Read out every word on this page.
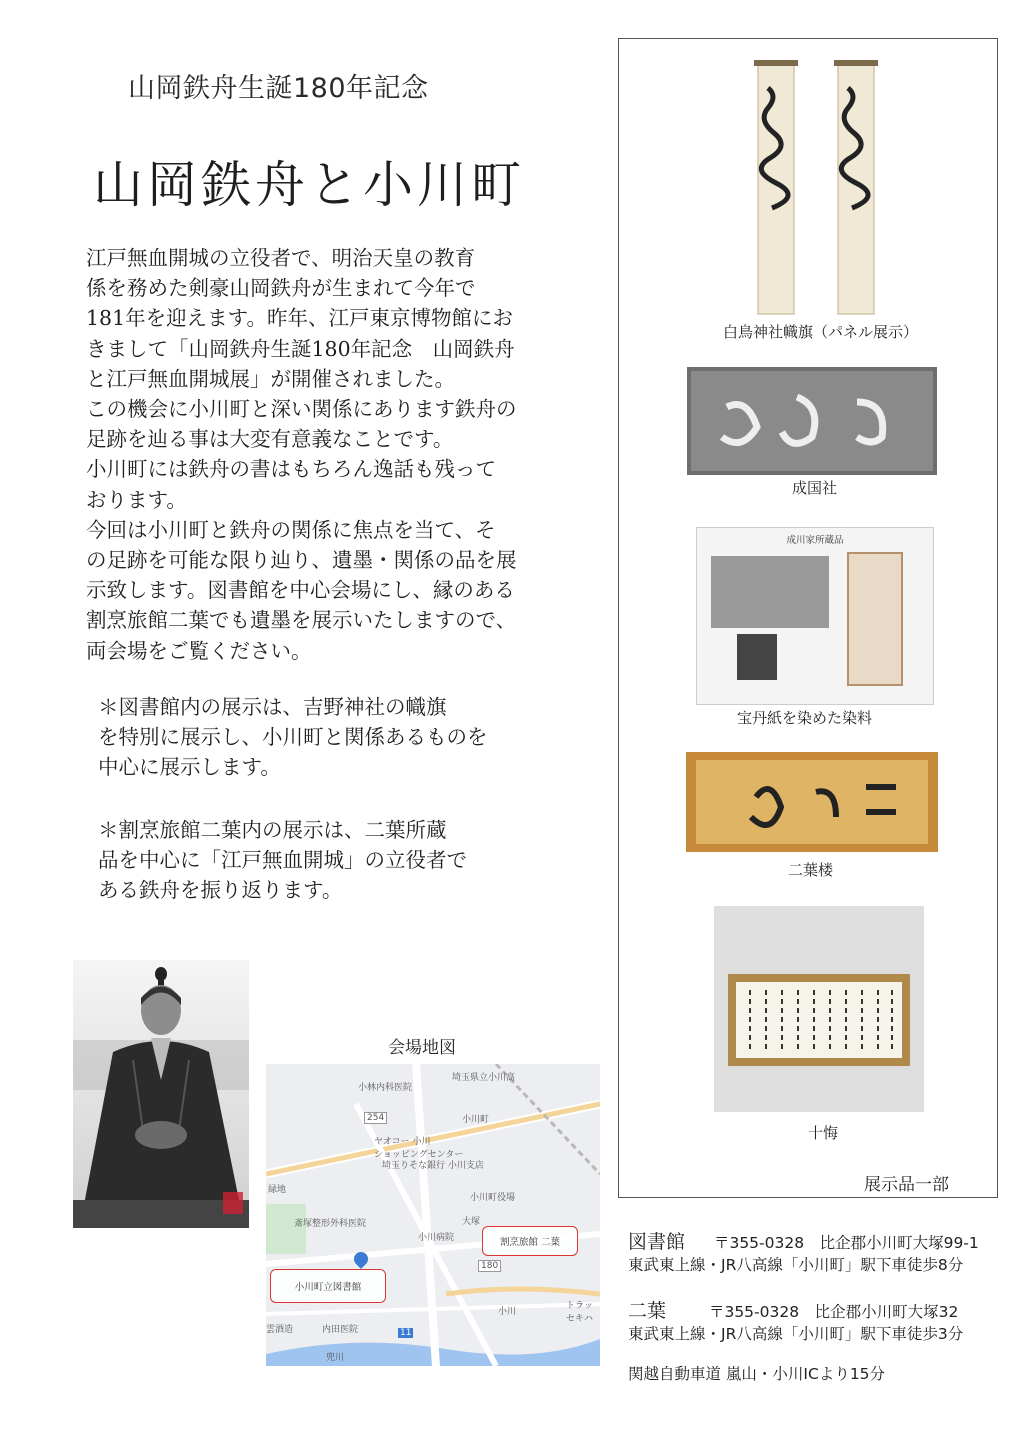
山岡鉄舟生誕180年記念
山岡鉄舟と小川町
江戸無血開城の立役者で、明治天皇の教育
係を務めた剣豪山岡鉄舟が生まれて今年で
181年を迎えます。昨年、江戸東京博物館にお
きまして「山岡鉄舟生誕180年記念　山岡鉄舟
と江戸無血開城展」が開催されました。
この機会に小川町と深い関係にあります鉄舟の
足跡を辿る事は大変有意義なことです。
小川町には鉄舟の書はもちろん逸話も残って
おります。
今回は小川町と鉄舟の関係に焦点を当て、そ
の足跡を可能な限り辿り、遺墨・関係の品を展
示致します。図書館を中心会場にし、縁のある
割烹旅館二葉でも遺墨を展示いたしますので、
両会場をご覧ください。
＊図書館内の展示は、吉野神社の幟旗
を特別に展示し、小川町と関係あるものを
中心に展示します。
＊割烹旅館二葉内の展示は、二葉所蔵
品を中心に「江戸無血開城」の立役者で
ある鉄舟を振り返ります。
会場地図
埼玉県立小川高
小林内科医院
小川町
ヤオコー 小川
ショッピングセンター
埼玉りそな銀行 小川支店
緑地
小川町役場
斎塚整形外科医院
小川病院
大塚
小川
トラッ
セキハ
雲酒造	内田医院
兜川
254
11
180
小川町立図書館
割烹旅館 二葉
白鳥神社幟旗（パネル展示）
成国社
成川家所蔵品
宝丹紙を染めた染料
二葉楼
十悔
展示品一部
図書館 〒355-0328　比企郡小川町大塚99-1
東武東上線・JR八高線「小川町」駅下車徒歩8分
二葉	〒355-0328　比企郡小川町大塚32
東武東上線・JR八高線「小川町」駅下車徒歩3分
関越自動車道 嵐山・小川ICより15分
